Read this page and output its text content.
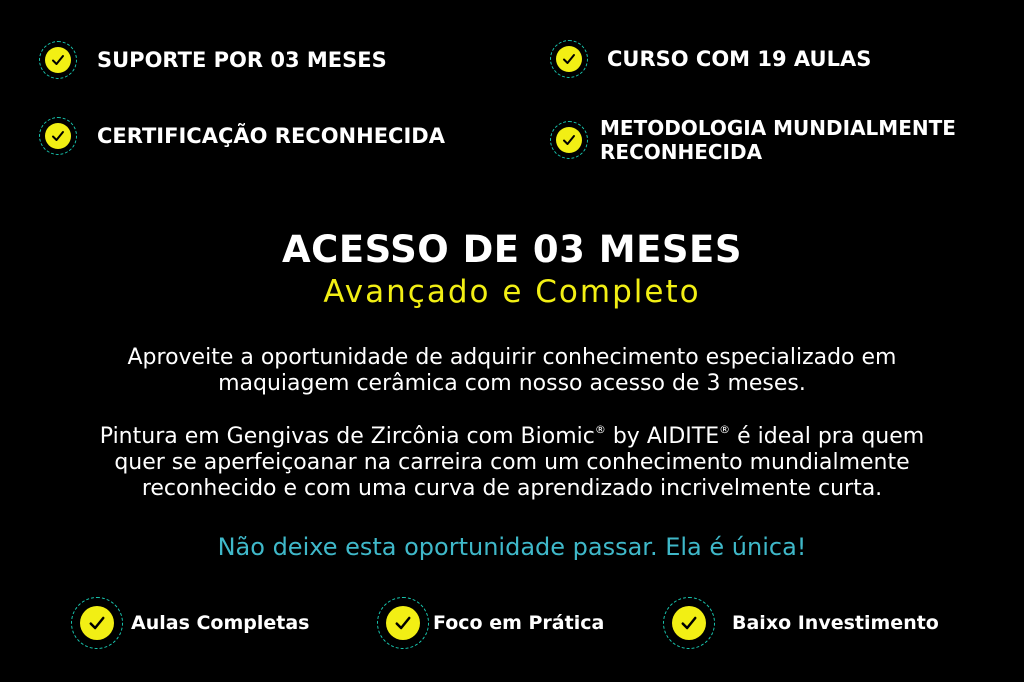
SUPORTE POR 03 MESES	CURSO COM 19 AULAS
CERTIFICAÇÃO RECONHECIDA	METODOLOGIA MUNDIALMENTE
RECONHECIDA
ACESSO DE 03 MESES
Avançado e Completo
Aproveite a oportunidade de adquirir conhecimento especializado em
maquiagem cerâmica com nosso acesso de 3 meses.
Pintura em Gengivas de Zircônia com Biomic® by AIDITE® é ideal pra quem
quer se aperfeiçoanar na carreira com um conhecimento mundialmente
reconhecido e com uma curva de aprendizado incrivelmente curta.
Não deixe esta oportunidade passar. Ela é única!
Aulas Completas	Foco em Prática	Baixo Investimento
